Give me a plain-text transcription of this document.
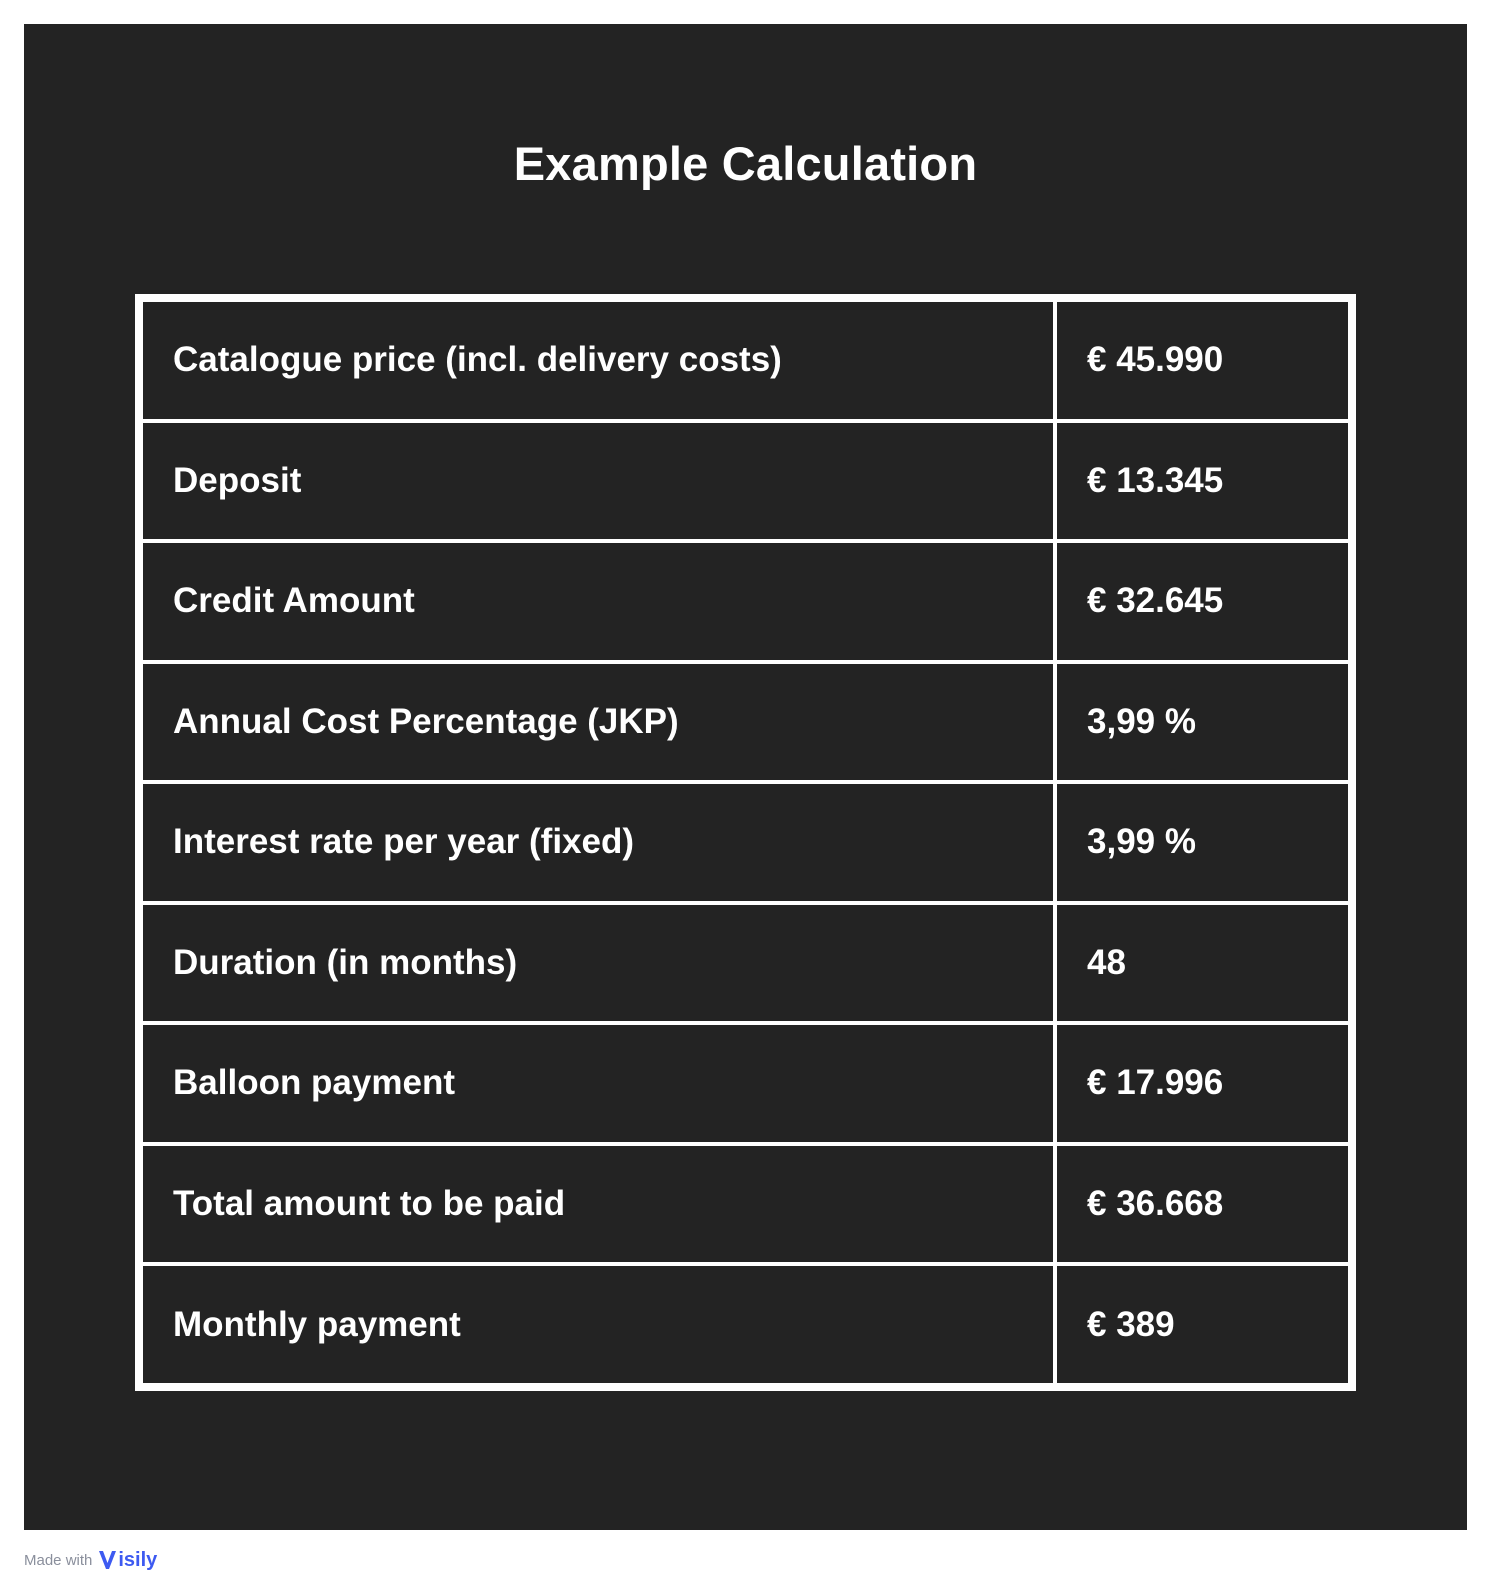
Example Calculation
Catalogue price (incl. delivery costs)	€ 45.990
Deposit	€ 13.345
Credit Amount	€ 32.645
Annual Cost Percentage (JKP)	3,99 %
Interest rate per year (fixed)	3,99 %
Duration (in months)	48
Balloon payment	€ 17.996
Total amount to be paid	€ 36.668
Monthly payment	€ 389
Made with isily
